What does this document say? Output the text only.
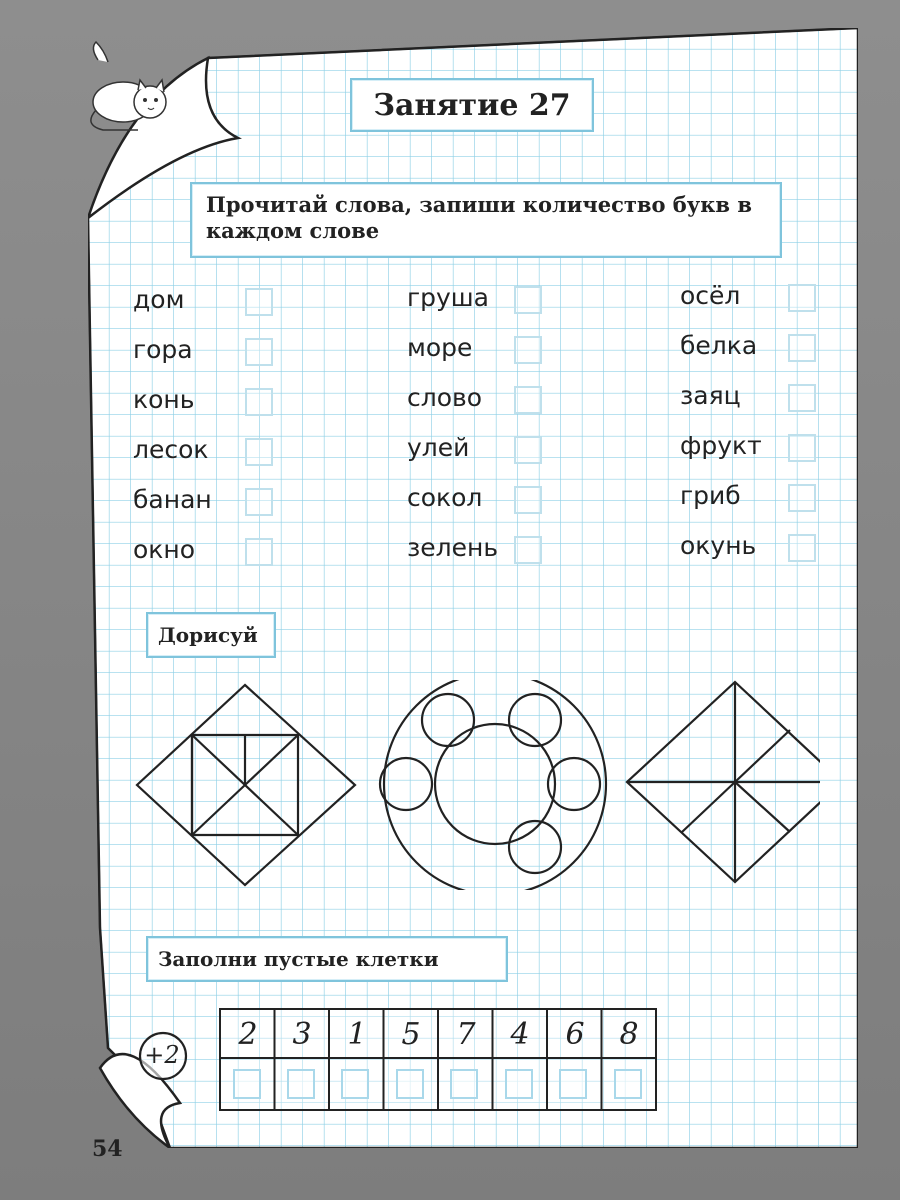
Занятие 27
Прочитай слова, запиши количество букв в каждом слове
дом
гора
конь
лесок
банан
окно
груша
море
слово
улей
сокол
зелень
осёл
белка
заяц
фрукт
гриб
окунь
Дорисуй
Заполни пустые клетки
2	3	1	5	7	4	6	8
+2
54
